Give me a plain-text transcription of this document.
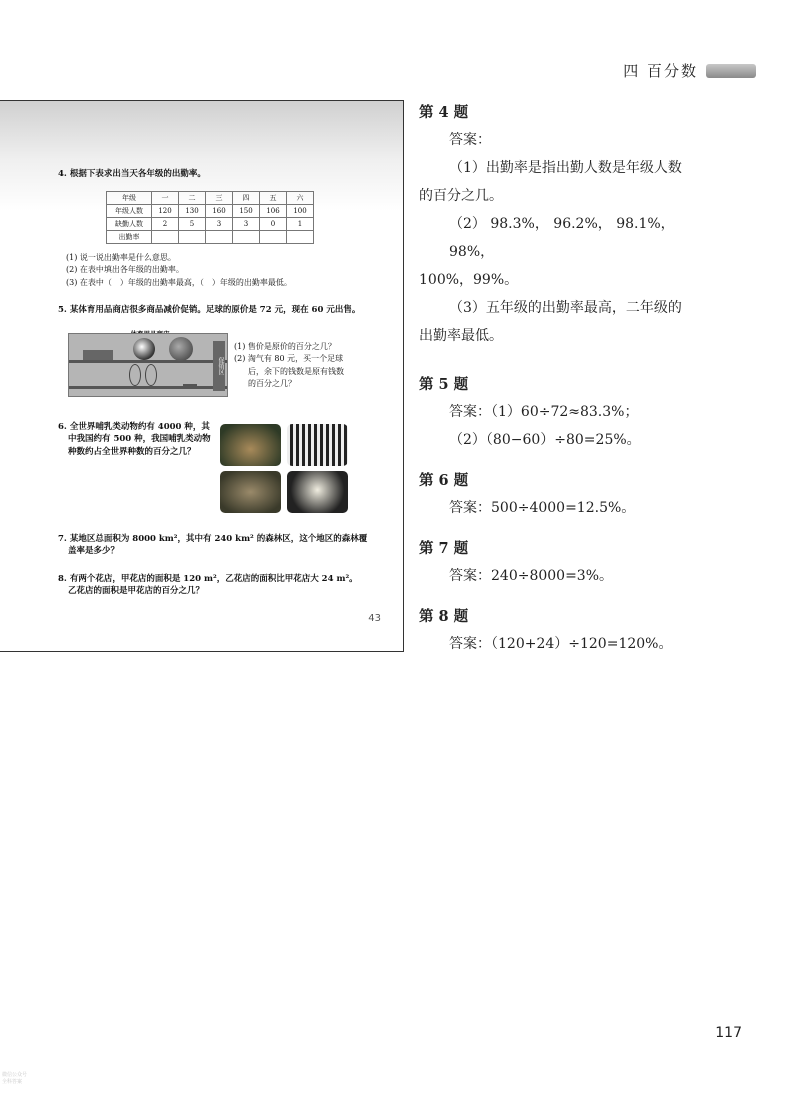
四 百分数
4. 根据下表求出当天各年级的出勤率。
年级	一	二	三	四	五	六
年级人数	120	130	160	150	106	100
缺勤人数	2	5	3	3	0	1
出勤率						
(1) 说一说出勤率是什么意思。
(2) 在表中填出各年级的出勤率。
(3) 在表中（　）年级的出勤率最高，（　）年级的出勤率最低。
5. 某体育用品商店很多商品减价促销。足球的原价是 72 元，现在 60 元出售。
促销区
(1) 售价是原价的百分之几？
(2) 淘气有 80 元，买一个足球
后，余下的钱数是原有钱数
的百分之几？
6. 全世界哺乳类动物约有 4000 种，其
中我国约有 500 种，我国哺乳类动物
种数约占全世界种数的百分之几？
7. 某地区总面积为 8000 km²，其中有 240 km² 的森林区，这个地区的森林覆
盖率是多少？
8. 有两个花店，甲花店的面积是 120 m²，乙花店的面积比甲花店大 24 m²。
乙花店的面积是甲花店的百分之几？
43

第 4 题

答案：

（1）出勤率是指出勤人数是年级人数

的百分之几。

（2） 98.3%， 96.2%， 98.1%， 98%，

100%，99%。

（3）五年级的出勤率最高，二年级的

出勤率最低。

第 5 题

答案：（1）60÷72≈83.3%；

（2）（80−60）÷80=25%。

第 6 题

答案：500÷4000=12.5%。

第 7 题

答案：240÷8000=3%。

第 8 题

答案：（120+24）÷120=120%。

117
微信公众号
全科答案
